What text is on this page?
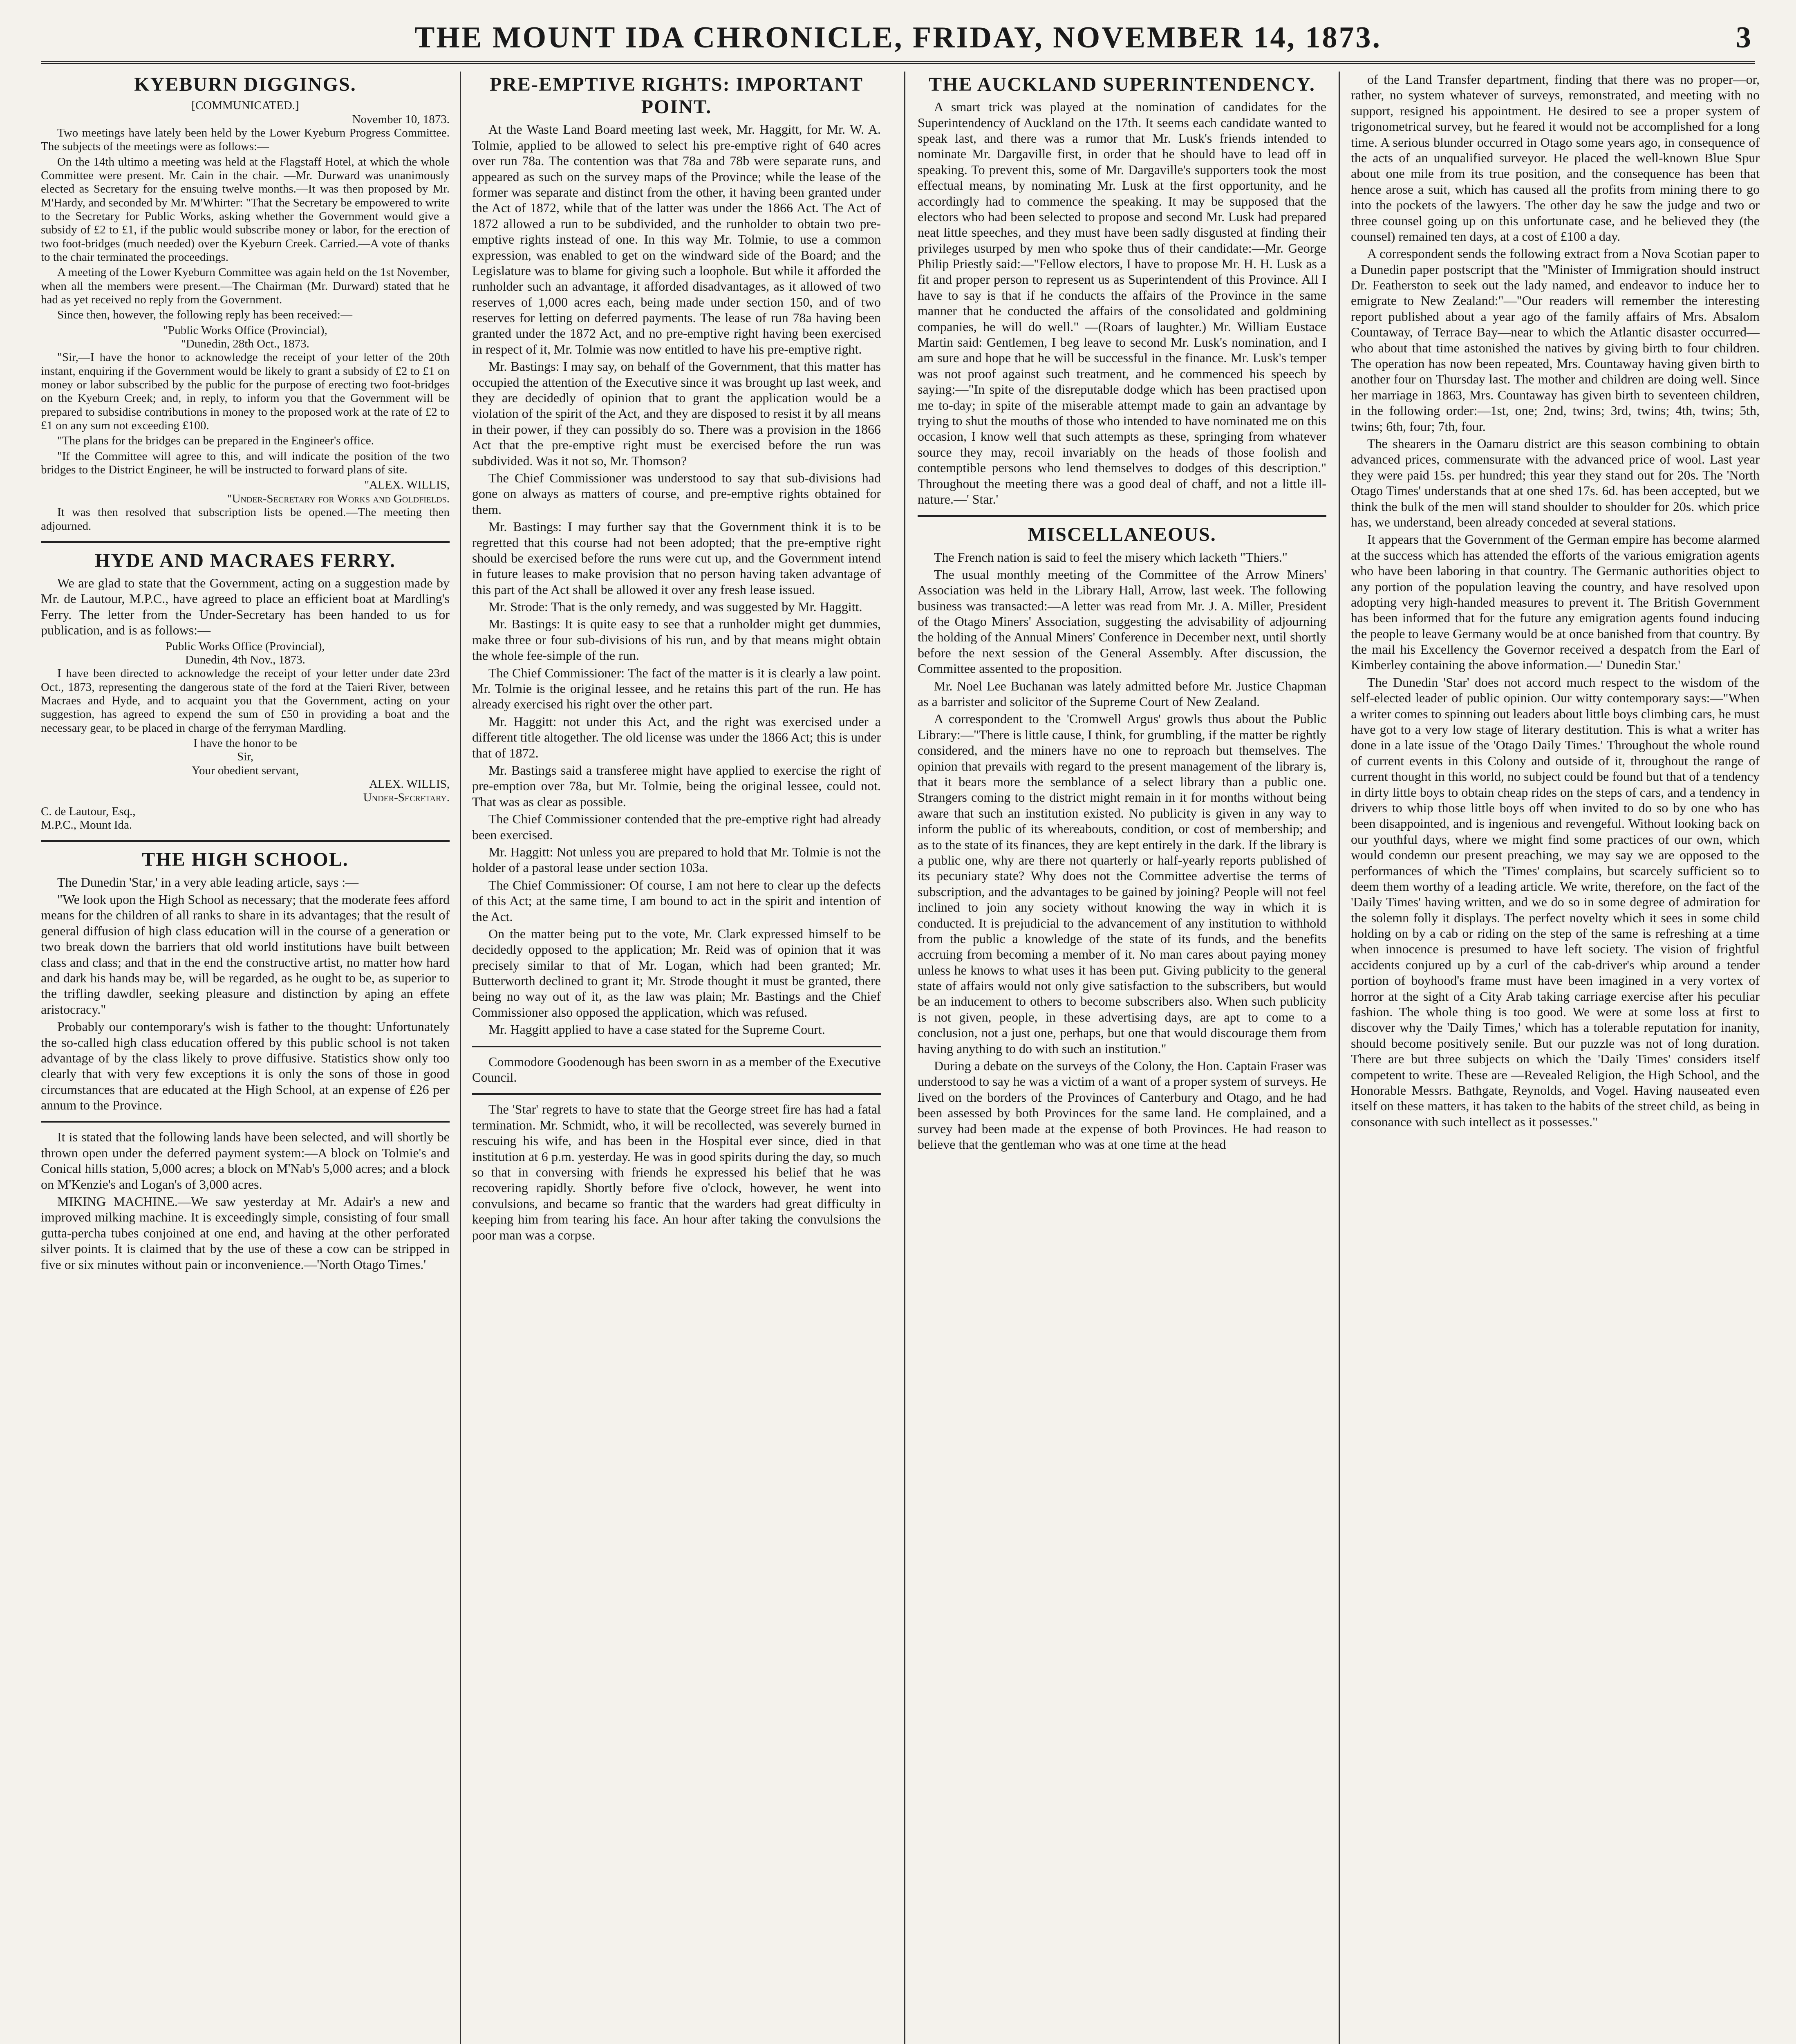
THE MOUNT IDA CHRONICLE, FRIDAY, NOVEMBER 14, 1873.	3
KYEBURN DIGGINGS.
[COMMUNICATED.]
November 10, 1873.

Two meetings have lately been held by the Lower Kyeburn Progress Committee. The subjects of the meetings were as follows:—

On the 14th ultimo a meeting was held at the Flagstaff Hotel, at which the whole Committee were present. Mr. Cain in the chair. —Mr. Durward was unanimously elected as Secretary for the ensuing twelve months.—It was then proposed by Mr. M'Hardy, and seconded by Mr. M'Whirter: "That the Secretary be empowered to write to the Secretary for Public Works, asking whether the Government would give a subsidy of £2 to £1, if the public would subscribe money or labor, for the erection of two foot-bridges (much needed) over the Kyeburn Creek. Carried.—A vote of thanks to the chair terminated the proceedings.

A meeting of the Lower Kyeburn Committee was again held on the 1st November, when all the members were present.—The Chairman (Mr. Durward) stated that he had as yet received no reply from the Government.

Since then, however, the following reply has been received:—

"Public Works Office (Provincial),
"Dunedin, 28th Oct., 1873.

"Sir,—I have the honor to acknowledge the receipt of your letter of the 20th instant, enquiring if the Government would be likely to grant a subsidy of £2 to £1 on money or labor subscribed by the public for the purpose of erecting two foot-bridges on the Kyeburn Creek; and, in reply, to inform you that the Government will be prepared to subsidise contributions in money to the proposed work at the rate of £2 to £1 on any sum not exceeding £100.

"The plans for the bridges can be prepared in the Engineer's office.

"If the Committee will agree to this, and will indicate the position of the two bridges to the District Engineer, he will be instructed to forward plans of site.

"ALEX. WILLIS,
"Under-Secretary for Works and Goldfields.

It was then resolved that subscription lists be opened.—The meeting then adjourned.

HYDE AND MACRAES FERRY.

We are glad to state that the Government, acting on a suggestion made by Mr. de Lautour, M.P.C., have agreed to place an efficient boat at Mardling's Ferry. The letter from the Under-Secretary has been handed to us for publication, and is as follows:—

Public Works Office (Provincial),
Dunedin, 4th Nov., 1873.

I have been directed to acknowledge the receipt of your letter under date 23rd Oct., 1873, representing the dangerous state of the ford at the Taieri River, between Macraes and Hyde, and to acquaint you that the Government, acting on your suggestion, has agreed to expend the sum of £50 in providing a boat and the necessary gear, to be placed in charge of the ferryman Mardling.

I have the honor to be
Sir,
Your obedient servant,
ALEX. WILLIS,
Under-Secretary.
C. de Lautour, Esq.,
M.P.C., Mount Ida.
THE HIGH SCHOOL.

The Dunedin 'Star,' in a very able leading article, says :—

"We look upon the High School as necessary; that the moderate fees afford means for the children of all ranks to share in its advantages; that the result of general diffusion of high class education will in the course of a generation or two break down the barriers that old world institutions have built between class and class; and that in the end the constructive artist, no matter how hard and dark his hands may be, will be regarded, as he ought to be, as superior to the trifling dawdler, seeking pleasure and distinction by aping an effete aristocracy."

Probably our contemporary's wish is father to the thought: Unfortunately the so-called high class education offered by this public school is not taken advantage of by the class likely to prove diffusive. Statistics show only too clearly that with very few exceptions it is only the sons of those in good circumstances that are educated at the High School, at an expense of £26 per annum to the Province.

It is stated that the following lands have been selected, and will shortly be thrown open under the deferred payment system:—A block on Tolmie's and Conical hills station, 5,000 acres; a block on M'Nab's 5,000 acres; and a block on M'Kenzie's and Logan's of 3,000 acres.

MIKING MACHINE.—We saw yesterday at Mr. Adair's a new and improved milking machine. It is exceedingly simple, consisting of four small gutta-percha tubes conjoined at one end, and having at the other perforated silver points. It is claimed that by the use of these a cow can be stripped in five or six minutes without pain or inconvenience.—'North Otago Times.'

PRE-EMPTIVE RIGHTS: IMPORTANT POINT.

At the Waste Land Board meeting last week, Mr. Haggitt, for Mr. W. A. Tolmie, applied to be allowed to select his pre-emptive right of 640 acres over run 78a. The contention was that 78a and 78b were separate runs, and appeared as such on the survey maps of the Province; while the lease of the former was separate and distinct from the other, it having been granted under the Act of 1872, while that of the latter was under the 1866 Act. The Act of 1872 allowed a run to be subdivided, and the runholder to obtain two pre-emptive rights instead of one. In this way Mr. Tolmie, to use a common expression, was enabled to get on the windward side of the Board; and the Legislature was to blame for giving such a loophole. But while it afforded the runholder such an advantage, it afforded disadvantages, as it allowed of two reserves of 1,000 acres each, being made under section 150, and of two reserves for letting on deferred payments. The lease of run 78a having been granted under the 1872 Act, and no pre-emptive right having been exercised in respect of it, Mr. Tolmie was now entitled to have his pre-emptive right.

Mr. Bastings: I may say, on behalf of the Government, that this matter has occupied the attention of the Executive since it was brought up last week, and they are decidedly of opinion that to grant the application would be a violation of the spirit of the Act, and they are disposed to resist it by all means in their power, if they can possibly do so. There was a provision in the 1866 Act that the pre-emptive right must be exercised before the run was subdivided. Was it not so, Mr. Thomson?

The Chief Commissioner was understood to say that sub-divisions had gone on always as matters of course, and pre-emptive rights obtained for them.

Mr. Bastings: I may further say that the Government think it is to be regretted that this course had not been adopted; that the pre-emptive right should be exercised before the runs were cut up, and the Government intend in future leases to make provision that no person having taken advantage of this part of the Act shall be allowed it over any fresh lease issued.

Mr. Strode: That is the only remedy, and was suggested by Mr. Haggitt.

Mr. Bastings: It is quite easy to see that a runholder might get dummies, make three or four sub-divisions of his run, and by that means might obtain the whole fee-simple of the run.

The Chief Commissioner: The fact of the matter is it is clearly a law point. Mr. Tolmie is the original lessee, and he retains this part of the run. He has already exercised his right over the other part.

Mr. Haggitt: not under this Act, and the right was exercised under a different title altogether. The old license was under the 1866 Act; this is under that of 1872.

Mr. Bastings said a transferee might have applied to exercise the right of pre-emption over 78a, but Mr. Tolmie, being the original lessee, could not. That was as clear as possible.

The Chief Commissioner contended that the pre-emptive right had already been exercised.

Mr. Haggitt: Not unless you are prepared to hold that Mr. Tolmie is not the holder of a pastoral lease under section 103a.

The Chief Commissioner: Of course, I am not here to clear up the defects of this Act; at the same time, I am bound to act in the spirit and intention of the Act.

On the matter being put to the vote, Mr. Clark expressed himself to be decidedly opposed to the application; Mr. Reid was of opinion that it was precisely similar to that of Mr. Logan, which had been granted; Mr. Butterworth declined to grant it; Mr. Strode thought it must be granted, there being no way out of it, as the law was plain; Mr. Bastings and the Chief Commissioner also opposed the application, which was refused.

Mr. Haggitt applied to have a case stated for the Supreme Court.

Commodore Goodenough has been sworn in as a member of the Executive Council.

The 'Star' regrets to have to state that the George street fire has had a fatal termination. Mr. Schmidt, who, it will be recollected, was severely burned in rescuing his wife, and has been in the Hospital ever since, died in that institution at 6 p.m. yesterday. He was in good spirits during the day, so much so that in conversing with friends he expressed his belief that he was recovering rapidly. Shortly before five o'clock, however, he went into convulsions, and became so frantic that the warders had great difficulty in keeping him from tearing his face. An hour after taking the convulsions the poor man was a corpse.

THE AUCKLAND SUPERINTENDENCY.

A smart trick was played at the nomination of candidates for the Superintendency of Auckland on the 17th. It seems each candidate wanted to speak last, and there was a rumor that Mr. Lusk's friends intended to nominate Mr. Dargaville first, in order that he should have to lead off in speaking. To prevent this, some of Mr. Dargaville's supporters took the most effectual means, by nominating Mr. Lusk at the first opportunity, and he accordingly had to commence the speaking. It may be supposed that the electors who had been selected to propose and second Mr. Lusk had prepared neat little speeches, and they must have been sadly disgusted at finding their privileges usurped by men who spoke thus of their candidate:—Mr. George Philip Priestly said:—"Fellow electors, I have to propose Mr. H. H. Lusk as a fit and proper person to represent us as Superintendent of this Province. All I have to say is that if he conducts the affairs of the Province in the same manner that he conducted the affairs of the consolidated and goldmining companies, he will do well." —(Roars of laughter.) Mr. William Eustace Martin said: Gentlemen, I beg leave to second Mr. Lusk's nomination, and I am sure and hope that he will be successful in the finance. Mr. Lusk's temper was not proof against such treatment, and he commenced his speech by saying:—"In spite of the disreputable dodge which has been practised upon me to-day; in spite of the miserable attempt made to gain an advantage by trying to shut the mouths of those who intended to have nominated me on this occasion, I know well that such attempts as these, springing from whatever source they may, recoil invariably on the heads of those foolish and contemptible persons who lend themselves to dodges of this description." Throughout the meeting there was a good deal of chaff, and not a little ill-nature.—' Star.'

MISCELLANEOUS.

The French nation is said to feel the misery which lacketh "Thiers."

The usual monthly meeting of the Committee of the Arrow Miners' Association was held in the Library Hall, Arrow, last week. The following business was transacted:—A letter was read from Mr. J. A. Miller, President of the Otago Miners' Association, suggesting the advisability of adjourning the holding of the Annual Miners' Conference in December next, until shortly before the next session of the General Assembly. After discussion, the Committee assented to the proposition.

Mr. Noel Lee Buchanan was lately admitted before Mr. Justice Chapman as a barrister and solicitor of the Supreme Court of New Zealand.

A correspondent to the 'Cromwell Argus' growls thus about the Public Library:—"There is little cause, I think, for grumbling, if the matter be rightly considered, and the miners have no one to reproach but themselves. The opinion that prevails with regard to the present management of the library is, that it bears more the semblance of a select library than a public one. Strangers coming to the district might remain in it for months without being aware that such an institution existed. No publicity is given in any way to inform the public of its whereabouts, condition, or cost of membership; and as to the state of its finances, they are kept entirely in the dark. If the library is a public one, why are there not quarterly or half-yearly reports published of its pecuniary state? Why does not the Committee advertise the terms of subscription, and the advantages to be gained by joining? People will not feel inclined to join any society without knowing the way in which it is conducted. It is prejudicial to the advancement of any institution to withhold from the public a knowledge of the state of its funds, and the benefits accruing from becoming a member of it. No man cares about paying money unless he knows to what uses it has been put. Giving publicity to the general state of affairs would not only give satisfaction to the subscribers, but would be an inducement to others to become subscribers also. When such publicity is not given, people, in these advertising days, are apt to come to a conclusion, not a just one, perhaps, but one that would discourage them from having anything to do with such an institution."

During a debate on the surveys of the Colony, the Hon. Captain Fraser was understood to say he was a victim of a want of a proper system of surveys. He lived on the borders of the Provinces of Canterbury and Otago, and he had been assessed by both Provinces for the same land. He complained, and a survey had been made at the expense of both Provinces. He had reason to believe that the gentleman who was at one time at the head

of the Land Transfer department, finding that there was no proper—or, rather, no system whatever of surveys, remonstrated, and meeting with no support, resigned his appointment. He desired to see a proper system of trigonometrical survey, but he feared it would not be accomplished for a long time. A serious blunder occurred in Otago some years ago, in consequence of the acts of an unqualified surveyor. He placed the well-known Blue Spur about one mile from its true position, and the consequence has been that hence arose a suit, which has caused all the profits from mining there to go into the pockets of the lawyers. The other day he saw the judge and two or three counsel going up on this unfortunate case, and he believed they (the counsel) remained ten days, at a cost of £100 a day.

A correspondent sends the following extract from a Nova Scotian paper to a Dunedin paper postscript that the "Minister of Immigration should instruct Dr. Featherston to seek out the lady named, and endeavor to induce her to emigrate to New Zealand:"—"Our readers will remember the interesting report published about a year ago of the family affairs of Mrs. Absalom Countaway, of Terrace Bay—near to which the Atlantic disaster occurred—who about that time astonished the natives by giving birth to four children. The operation has now been repeated, Mrs. Countaway having given birth to another four on Thursday last. The mother and children are doing well. Since her marriage in 1863, Mrs. Countaway has given birth to seventeen children, in the following order:—1st, one; 2nd, twins; 3rd, twins; 4th, twins; 5th, twins; 6th, four; 7th, four.

The shearers in the Oamaru district are this season combining to obtain advanced prices, commensurate with the advanced price of wool. Last year they were paid 15s. per hundred; this year they stand out for 20s. The 'North Otago Times' understands that at one shed 17s. 6d. has been accepted, but we think the bulk of the men will stand shoulder to shoulder for 20s. which price has, we understand, been already conceded at several stations.

It appears that the Government of the German empire has become alarmed at the success which has attended the efforts of the various emigration agents who have been laboring in that country. The Germanic authorities object to any portion of the population leaving the country, and have resolved upon adopting very high-handed measures to prevent it. The British Government has been informed that for the future any emigration agents found inducing the people to leave Germany would be at once banished from that country. By the mail his Excellency the Governor received a despatch from the Earl of Kimberley containing the above information.—' Dunedin Star.'

The Dunedin 'Star' does not accord much respect to the wisdom of the self-elected leader of public opinion. Our witty contemporary says:—"When a writer comes to spinning out leaders about little boys climbing cars, he must have got to a very low stage of literary destitution. This is what a writer has done in a late issue of the 'Otago Daily Times.' Throughout the whole round of current events in this Colony and outside of it, throughout the range of current thought in this world, no subject could be found but that of a tendency in dirty little boys to obtain cheap rides on the steps of cars, and a tendency in drivers to whip those little boys off when invited to do so by one who has been disappointed, and is ingenious and revengeful. Without looking back on our youthful days, where we might find some practices of our own, which would condemn our present preaching, we may say we are opposed to the performances of which the 'Times' complains, but scarcely sufficient so to deem them worthy of a leading article. We write, therefore, on the fact of the 'Daily Times' having written, and we do so in some degree of admiration for the solemn folly it displays. The perfect novelty which it sees in some child holding on by a cab or riding on the step of the same is refreshing at a time when innocence is presumed to have left society. The vision of frightful accidents conjured up by a curl of the cab-driver's whip around a tender portion of boyhood's frame must have been imagined in a very vortex of horror at the sight of a City Arab taking carriage exercise after his peculiar fashion. The whole thing is too good. We were at some loss at first to discover why the 'Daily Times,' which has a tolerable reputation for inanity, should become positively senile. But our puzzle was not of long duration. There are but three subjects on which the 'Daily Times' considers itself competent to write. These are —Revealed Religion, the High School, and the Honorable Messrs. Bathgate, Reynolds, and Vogel. Having nauseated even itself on these matters, it has taken to the habits of the street child, as being in consonance with such intellect as it possesses."
